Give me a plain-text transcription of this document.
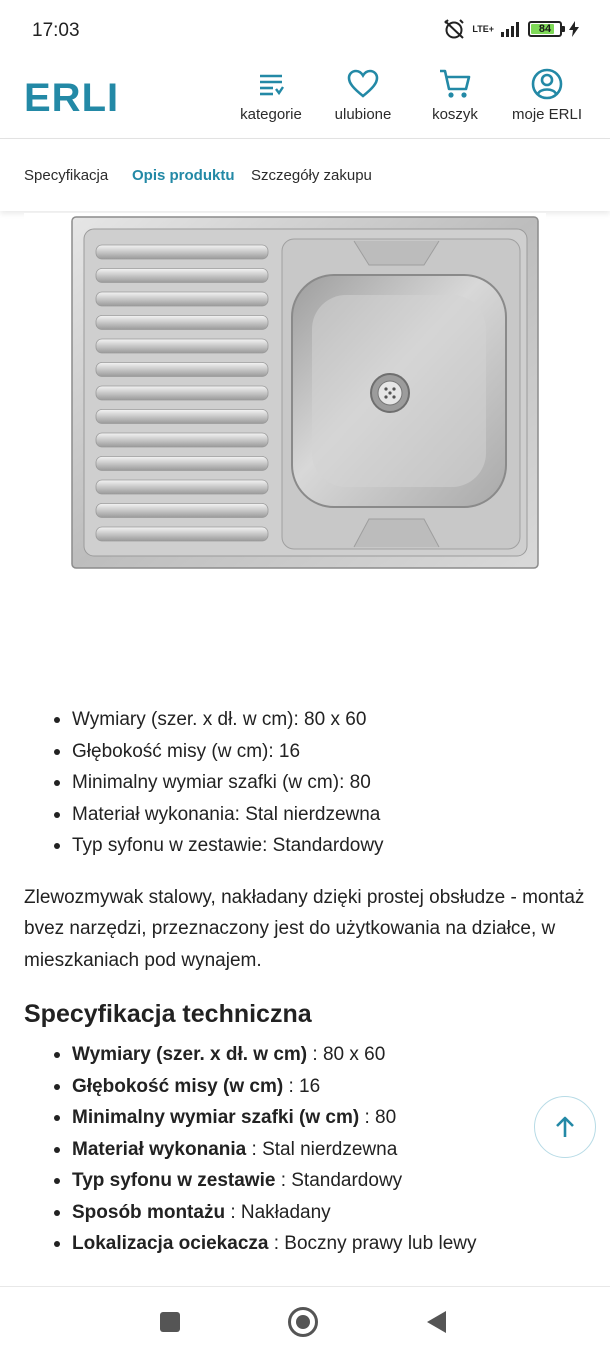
17:03	LTE+	84
ERLI	kategorie	ulubione	koszyk	moje ERLI
Specyfikacja Opis produktu Szczegóły zakupu
Wymiary (szer. x dł. w cm): 80 x 60
Głębokość misy (w cm): 16
Minimalny wymiar szafki (w cm): 80
Materiał wykonania: Stal nierdzewna
Typ syfonu w zestawie: Standardowy

Zlewozmywak stalowy, nakładany dzięki prostej obsłudze - montaż bvez narzędzi, przeznaczony jest do użytkowania na działce, w mieszkaniach pod wynajem.

Specyfikacja techniczna
Wymiary (szer. x dł. w cm) : 80 x 60
Głębokość misy (w cm) : 16
Minimalny wymiar szafki (w cm) : 80
Materiał wykonania : Stal nierdzewna
Typ syfonu w zestawie : Standardowy
Sposób montażu : Nakładany
Lokalizacja ociekacza : Boczny prawy lub lewy
